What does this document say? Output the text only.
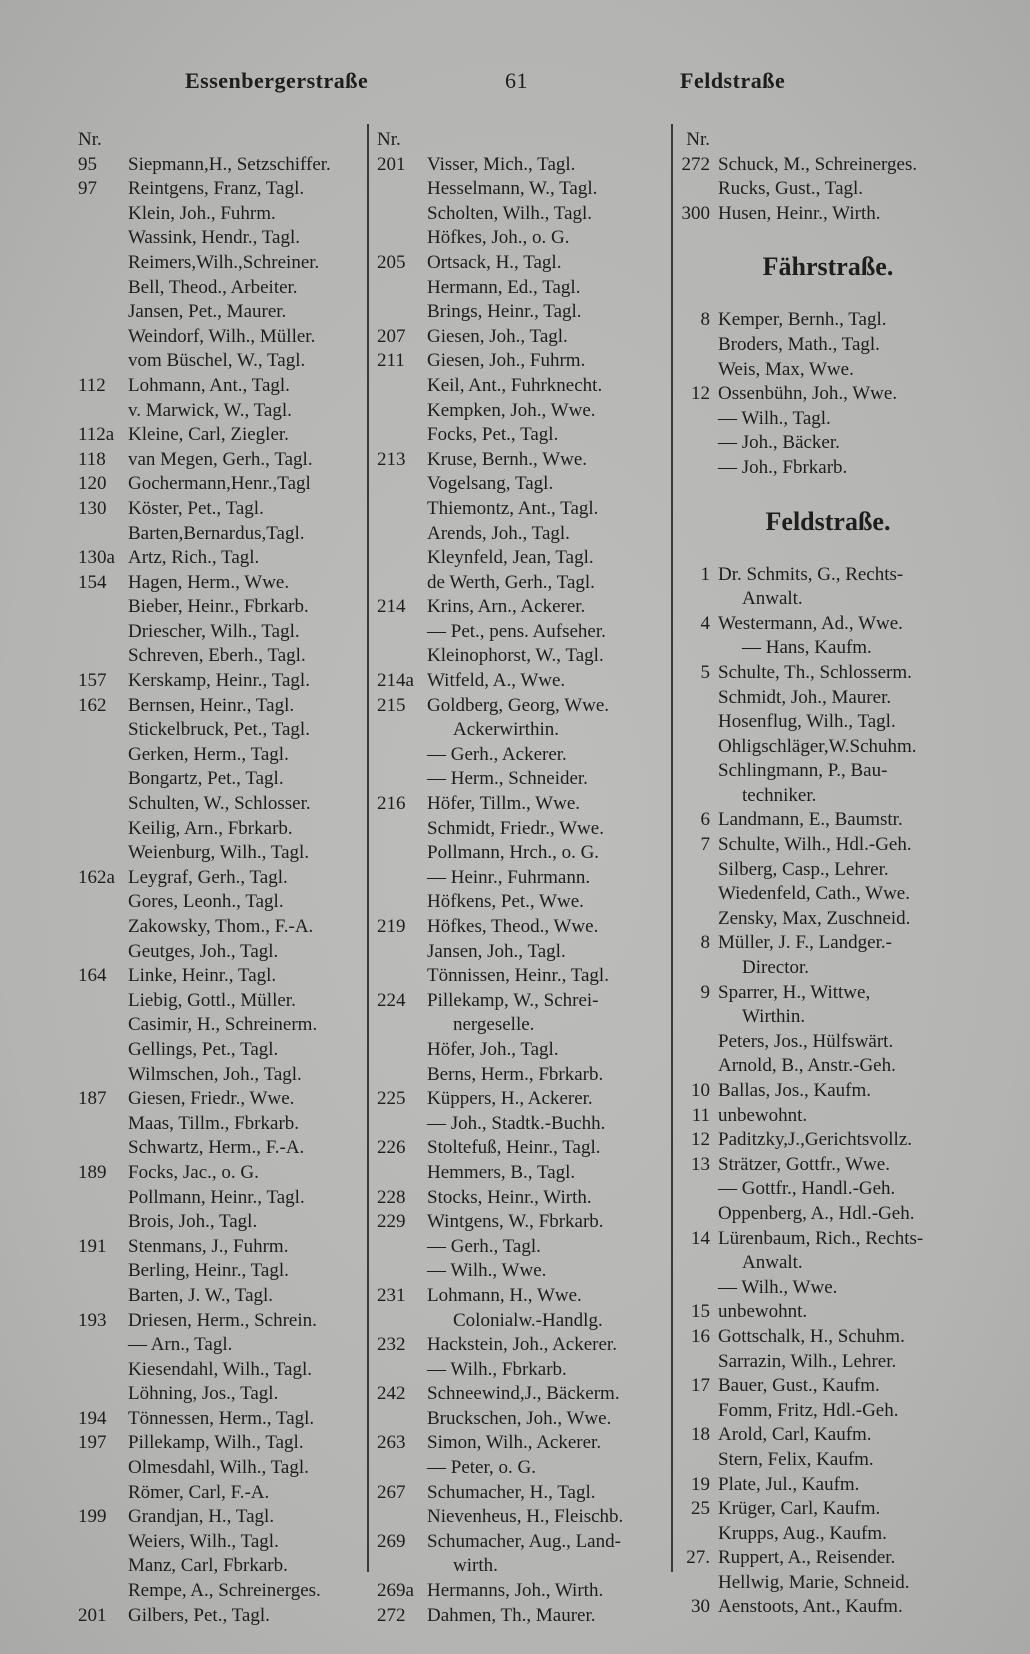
Essenbergerstraße	61	Feldstraße
Nr.
95	Siepmann,H., Setzschiffer.
97	Reintgens, Franz, Tagl.
Klein, Joh., Fuhrm.
Wassink, Hendr., Tagl.
Reimers,Wilh.,Schreiner.
Bell, Theod., Arbeiter.
Jansen, Pet., Maurer.
Weindorf, Wilh., Müller.
vom Büschel, W., Tagl.
112	Lohmann, Ant., Tagl.
v. Marwick, W., Tagl.
112a Kleine, Carl, Ziegler.
118	van Megen, Gerh., Tagl.
120	Gochermann,Henr.,Tagl
130	Köster, Pet., Tagl.
Barten,Bernardus,Tagl.
130a Artz, Rich., Tagl.
154	Hagen, Herm., Wwe.
Bieber, Heinr., Fbrkarb.
Driescher, Wilh., Tagl.
Schreven, Eberh., Tagl.
157	Kerskamp, Heinr., Tagl.
162	Bernsen, Heinr., Tagl.
Stickelbruck, Pet., Tagl.
Gerken, Herm., Tagl.
Bongartz, Pet., Tagl.
Schulten, W., Schlosser.
Keilig, Arn., Fbrkarb.
Weienburg, Wilh., Tagl.
162a Leygraf, Gerh., Tagl.
Gores, Leonh., Tagl.
Zakowsky, Thom., F.-A.
Geutges, Joh., Tagl.
164	Linke, Heinr., Tagl.
Liebig, Gottl., Müller.
Casimir, H., Schreinerm.
Gellings, Pet., Tagl.
Wilmschen, Joh., Tagl.
187	Giesen, Friedr., Wwe.
Maas, Tillm., Fbrkarb.
Schwartz, Herm., F.-A.
189	Focks, Jac., o. G.
Pollmann, Heinr., Tagl.
Brois, Joh., Tagl.
191	Stenmans, J., Fuhrm.
Berling, Heinr., Tagl.
Barten, J. W., Tagl.
193	Driesen, Herm., Schrein.
— Arn., Tagl.
Kiesendahl, Wilh., Tagl.
Löhning, Jos., Tagl.
194	Tönnessen, Herm., Tagl.
197	Pillekamp, Wilh., Tagl.
Olmesdahl, Wilh., Tagl.
Römer, Carl, F.-A.
199	Grandjan, H., Tagl.
Weiers, Wilh., Tagl.
Manz, Carl, Fbrkarb.
Rempe, A., Schreinerges.
201	Gilbers, Pet., Tagl.
Nr.
201	Visser, Mich., Tagl.
Hesselmann, W., Tagl.
Scholten, Wilh., Tagl.
Höfkes, Joh., o. G.
205	Ortsack, H., Tagl.
Hermann, Ed., Tagl.
Brings, Heinr., Tagl.
207	Giesen, Joh., Tagl.
211	Giesen, Joh., Fuhrm.
Keil, Ant., Fuhrknecht.
Kempken, Joh., Wwe.
Focks, Pet., Tagl.
213	Kruse, Bernh., Wwe.
Vogelsang, Tagl.
Thiemontz, Ant., Tagl.
Arends, Joh., Tagl.
Kleynfeld, Jean, Tagl.
de Werth, Gerh., Tagl.
214	Krins, Arn., Ackerer.
— Pet., pens. Aufseher.
Kleinophorst, W., Tagl.
214a Witfeld, A., Wwe.
215	Goldberg, Georg, Wwe.
Ackerwirthin.
— Gerh., Ackerer.
— Herm., Schneider.
216	Höfer, Tillm., Wwe.
Schmidt, Friedr., Wwe.
Pollmann, Hrch., o. G.
— Heinr., Fuhrmann.
Höfkens, Pet., Wwe.
219	Höfkes, Theod., Wwe.
Jansen, Joh., Tagl.
Tönnissen, Heinr., Tagl.
224	Pillekamp, W., Schrei-
nergeselle.
Höfer, Joh., Tagl.
Berns, Herm., Fbrkarb.
225	Küppers, H., Ackerer.
— Joh., Stadtk.-Buchh.
226	Stoltefuß, Heinr., Tagl.
Hemmers, B., Tagl.
228	Stocks, Heinr., Wirth.
229	Wintgens, W., Fbrkarb.
— Gerh., Tagl.
— Wilh., Wwe.
231	Lohmann, H., Wwe.
Colonialw.-Handlg.
232	Hackstein, Joh., Ackerer.
— Wilh., Fbrkarb.
242	Schneewind,J., Bäckerm.
Bruckschen, Joh., Wwe.
263	Simon, Wilh., Ackerer.
— Peter, o. G.
267	Schumacher, H., Tagl.
Nievenheus, H., Fleischb.
269	Schumacher, Aug., Land-
wirth.
269a Hermanns, Joh., Wirth.
272	Dahmen, Th., Maurer.
Nr.
272 Schuck, M., Schreinerges.
Rucks, Gust., Tagl.
300 Husen, Heinr., Wirth.
Fährstraße.
8 Kemper, Bernh., Tagl.
Broders, Math., Tagl.
Weis, Max, Wwe.
12 Ossenbühn, Joh., Wwe.
— Wilh., Tagl.
— Joh., Bäcker.
— Joh., Fbrkarb.
Feldstraße.
1 Dr. Schmits, G., Rechts-
Anwalt.
4 Westermann, Ad., Wwe.
— Hans, Kaufm.
5 Schulte, Th., Schlosserm.
Schmidt, Joh., Maurer.
Hosenflug, Wilh., Tagl.
Ohligschläger,W.Schuhm.
Schlingmann, P., Bau-
techniker.
6 Landmann, E., Baumstr.
7 Schulte, Wilh., Hdl.-Geh.
Silberg, Casp., Lehrer.
Wiedenfeld, Cath., Wwe.
Zensky, Max, Zuschneid.
8 Müller, J. F., Landger.-
Director.
9 Sparrer, H., Wittwe,
Wirthin.
Peters, Jos., Hülfswärt.
Arnold, B., Anstr.-Geh.
10 Ballas, Jos., Kaufm.
11 unbewohnt.
12 Paditzky,J.,Gerichtsvollz.
13 Strätzer, Gottfr., Wwe.
— Gottfr., Handl.-Geh.
Oppenberg, A., Hdl.-Geh.
14 Lürenbaum, Rich., Rechts-
Anwalt.
— Wilh., Wwe.
15 unbewohnt.
16 Gottschalk, H., Schuhm.
Sarrazin, Wilh., Lehrer.
17 Bauer, Gust., Kaufm.
Fomm, Fritz, Hdl.-Geh.
18 Arold, Carl, Kaufm.
Stern, Felix, Kaufm.
19 Plate, Jul., Kaufm.
25 Krüger, Carl, Kaufm.
Krupps, Aug., Kaufm.
27. Ruppert, A., Reisender.
Hellwig, Marie, Schneid.
30 Aenstoots, Ant., Kaufm.
